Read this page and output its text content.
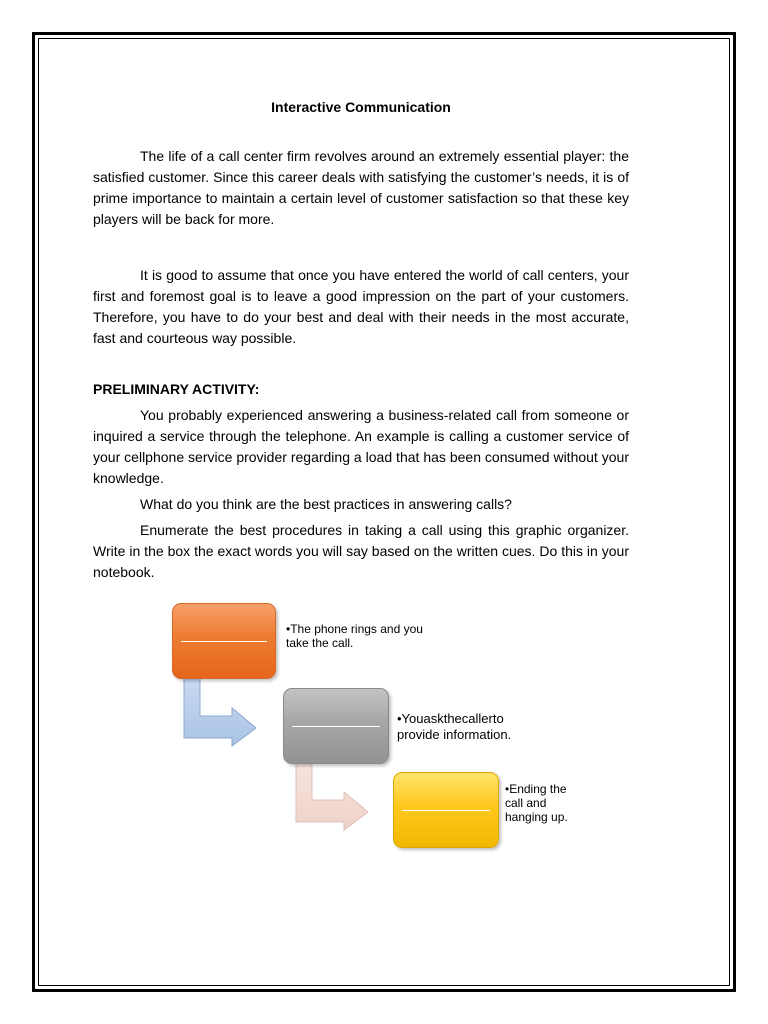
Interactive Communication

The life of a call center firm revolves around an extremely essential player: the satisfied customer. Since this career deals with satisfying the customer’s needs, it is of prime importance to maintain a certain level of customer satisfaction so that these key players will be back for more.

It is good to assume that once you have entered the world of call centers, your first and foremost goal is to leave a good impression on the part of your customers. Therefore, you have to do your best and deal with their needs in the most accurate, fast and courteous way possible.

PRELIMINARY ACTIVITY:

You probably experienced answering a business-related call from someone or inquired a service through the telephone. An example is calling a customer service of your cellphone service provider regarding a load that has been consumed without your knowledge.

What do you think are the best practices in answering calls?

Enumerate the best procedures in taking a call using this graphic organizer. Write in the box the exact words you will say based on the written cues. Do this in your notebook.

•The phone rings and you take the call.
•Youaskthecallerto provide information.
•Ending the call and hanging up.
